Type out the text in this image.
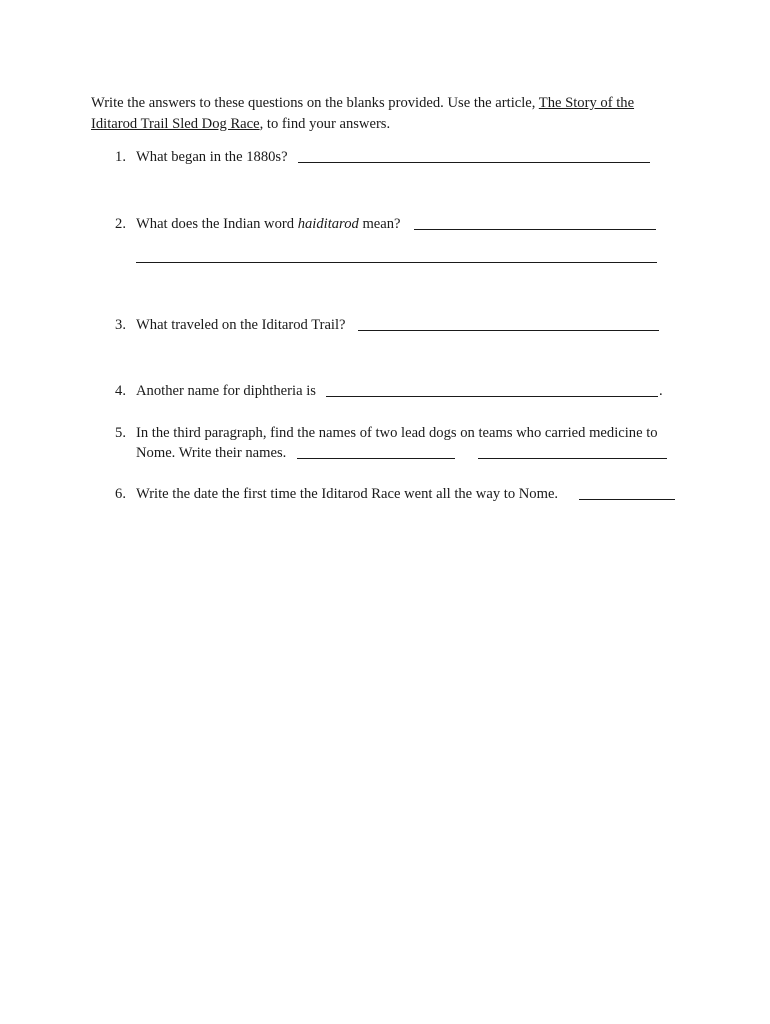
Write the answers to these questions on the blanks provided. Use the article, The Story of the
Iditarod Trail Sled Dog Race, to find your answers.
1. What began in the 1880s?
2. What does the Indian word haiditarod mean?
3. What traveled on the Iditarod Trail?
4. Another name for diphtheria is	.
5. In the third paragraph, find the names of two lead dogs on teams who carried medicine to
Nome. Write their names.
6. Write the date the first time the Iditarod Race went all the way to Nome.
